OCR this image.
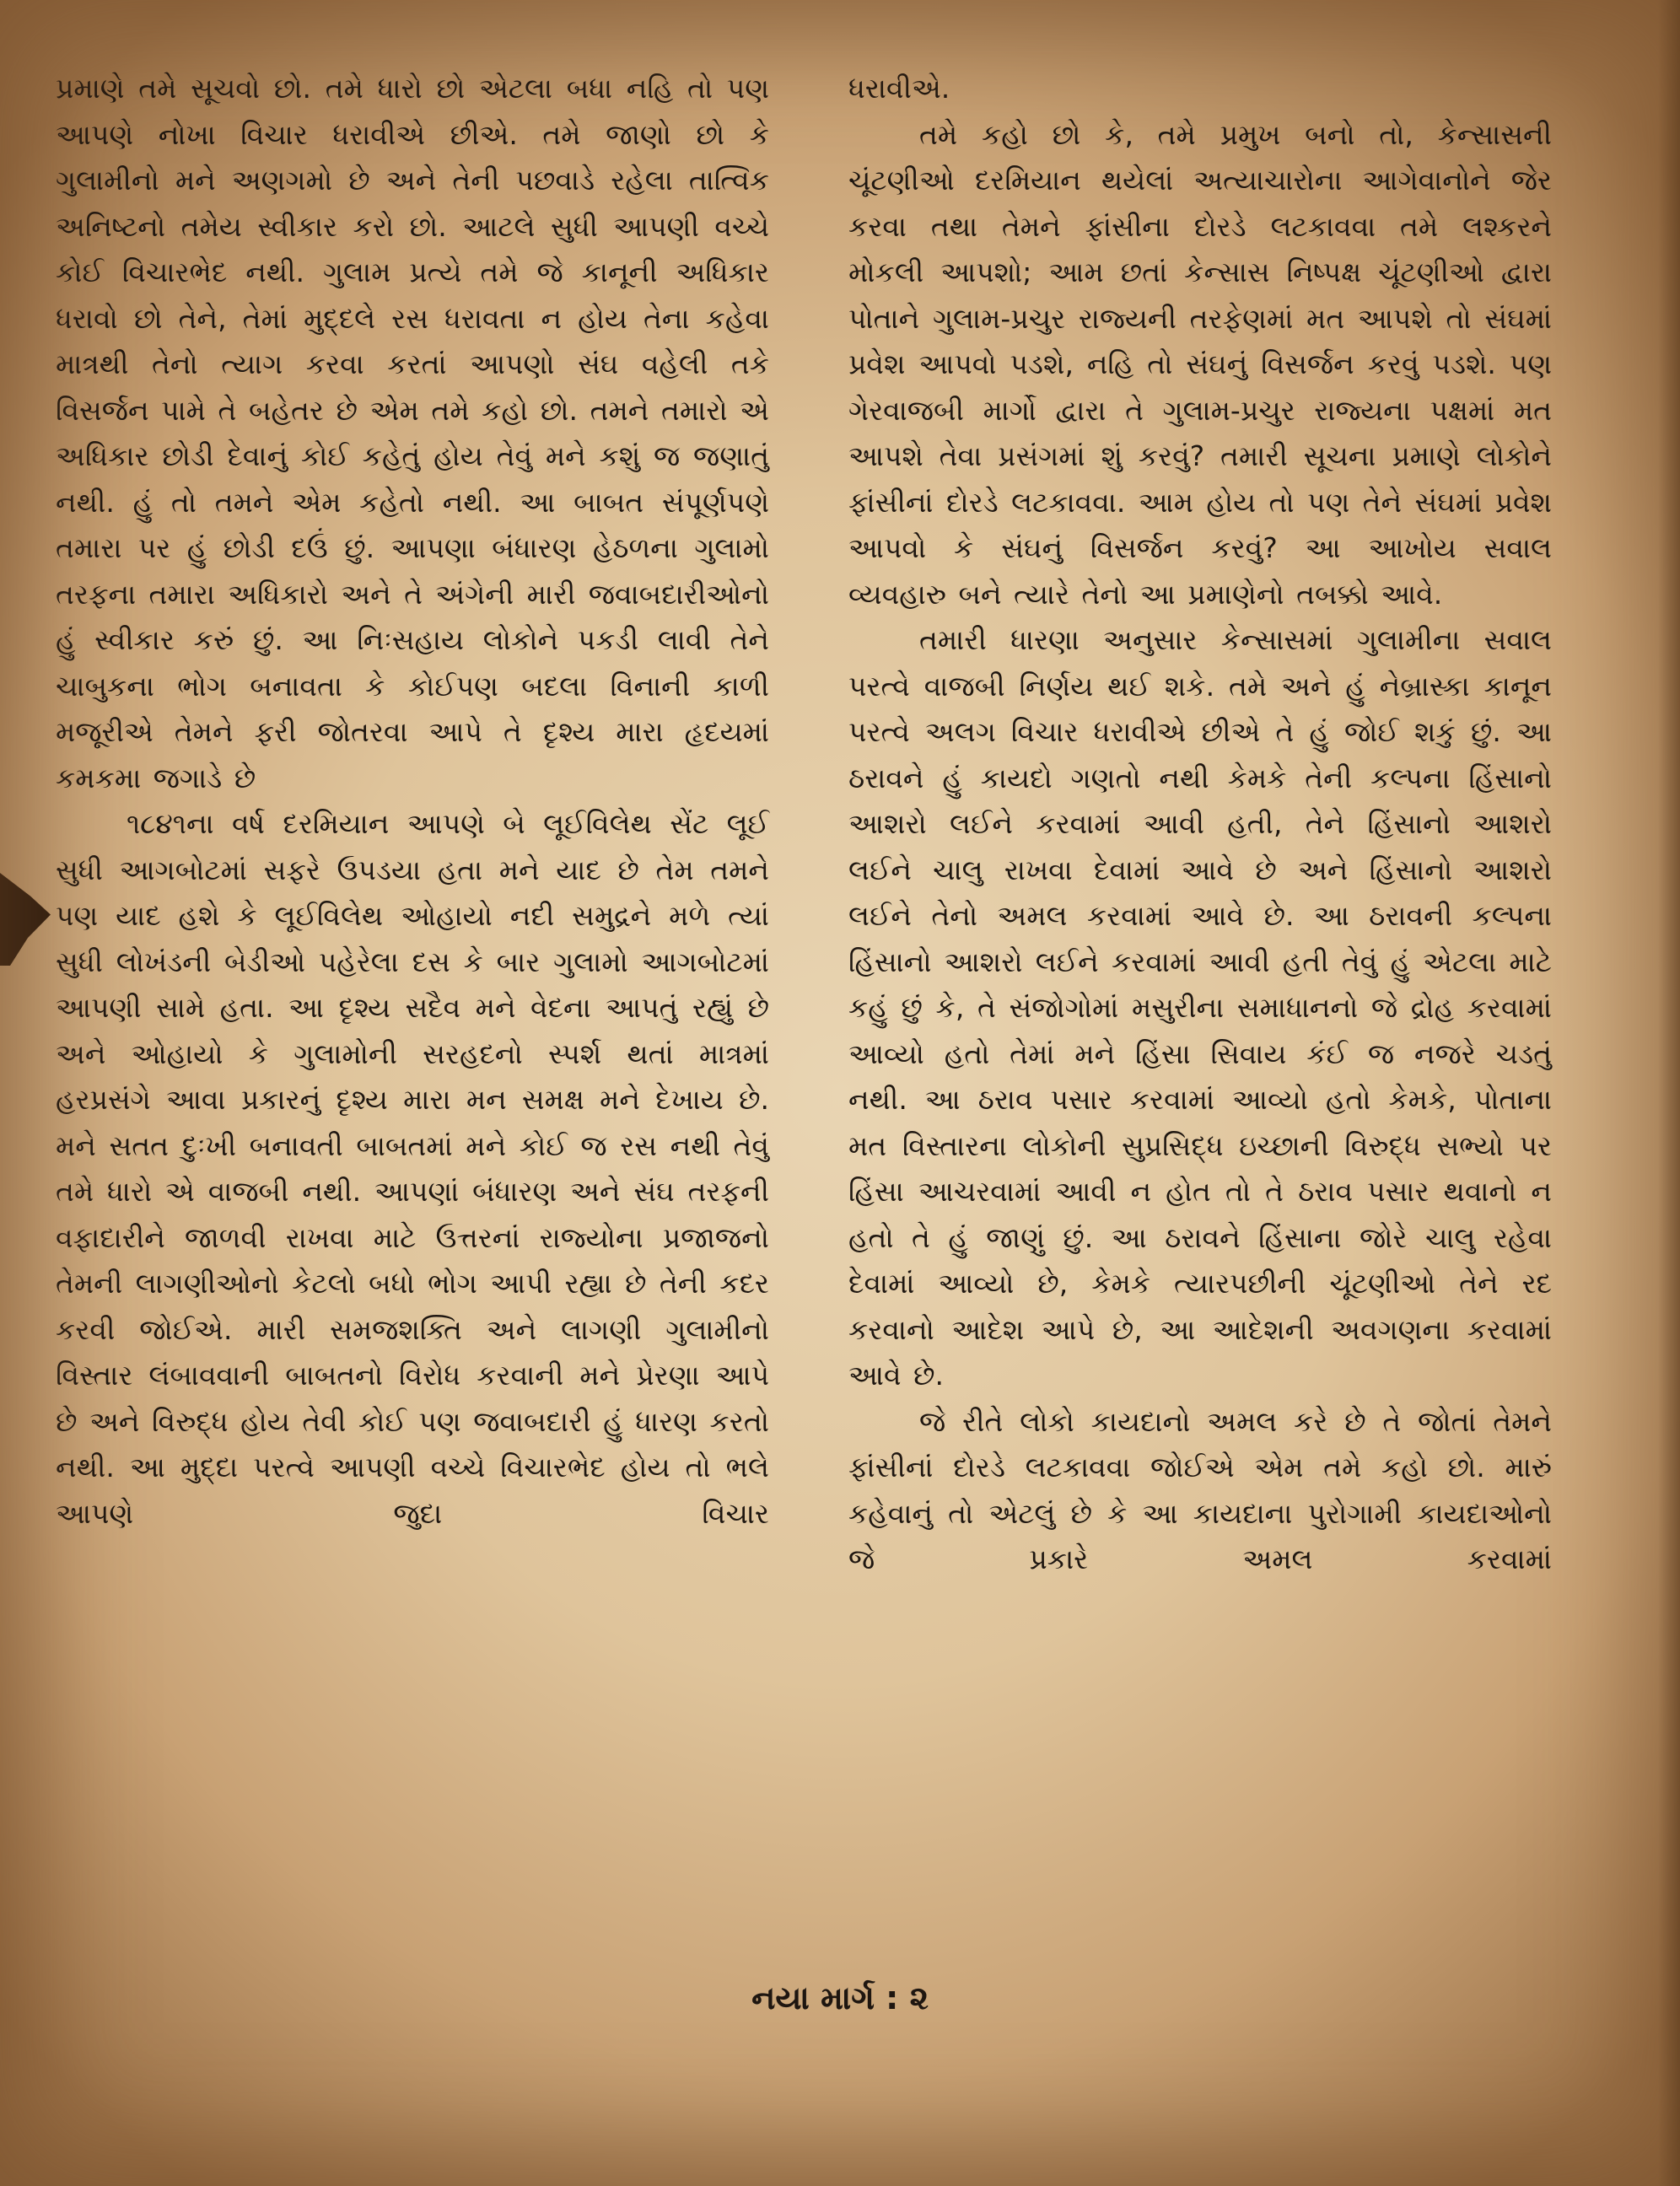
પ્રમાણે તમે સૂચવો છો. તમે ધારો છો એટલા બધા નહિ તો પણ આપણે નોખા વિચાર ધરાવીએ છીએ. તમે જાણો છો કે ગુલામીનો મને અણગમો છે અને તેની પછવાડે રહેલા તાત્વિક અનિષ્ટનો તમેય સ્વીકાર કરો છો. આટલે સુધી આપણી વચ્ચે કોઈ વિચારભેદ નથી. ગુલામ પ્રત્યે તમે જે કાનૂની અધિકાર ધરાવો છો તેને, તેમાં મુદ્દલે રસ ધરાવતા ન હોય તેના કહેવા માત્રથી તેનો ત્યાગ કરવા કરતાં આપણો સંઘ વહેલી તકે વિસર્જન પામે તે બહેતર છે એમ તમે કહો છો. તમને તમારો એ અધિકાર છોડી દેવાનું કોઈ કહેતું હોય તેવું મને કશું જ જણાતું નથી. હું તો તમને એમ કહેતો નથી. આ બાબત સંપૂર્ણપણે તમારા પર હું છોડી દઉં છું. આપણા બંધારણ હેઠળના ગુલામો તરફના તમારા અધિકારો અને તે અંગેની મારી જવાબદારીઓનો હું સ્વીકાર કરું છું. આ નિઃસહાય લોકોને પકડી લાવી તેને ચાબુકના ભોગ બનાવતા કે કોઈપણ બદલા વિનાની કાળી મજૂરીએ તેમને ફરી જોતરવા આપે તે દૃશ્ય મારા હૃદયમાં કમકમા જગાડે છે

૧૮૪૧ના વર્ષ દરમિયાન આપણે બે લૂઈવિલેથ સેંટ લૂઈ સુધી આગબોટમાં સફરે ઉપડયા હતા મને યાદ છે તેમ તમને પણ યાદ હશે કે લૂઈવિલેથ ઓહાયો નદી સમુદ્રને મળે ત્યાં સુધી લોખંડની બેડીઓ પહેરેલા દસ કે બાર ગુલામો આગબોટમાં આપણી સામે હતા. આ દૃશ્ય સદૈવ મને વેદના આપતું રહ્યું છે અને ઓહાયો કે ગુલામોની સરહદનો સ્પર્શ થતાં માત્રમાં હરપ્રસંગે આવા પ્રકારનું દૃશ્ય મારા મન સમક્ષ મને દેખાય છે. મને સતત દુઃખી બનાવતી બાબતમાં મને કોઈ જ રસ નથી તેવું તમે ધારો એ વાજબી નથી. આપણાં બંધારણ અને સંઘ તરફની વફાદારીને જાળવી રાખવા માટે ઉત્તરનાં રાજ્યોના પ્રજાજનો તેમની લાગણીઓનો કેટલો બધો ભોગ આપી રહ્યા છે તેની કદર કરવી જોઈએ. મારી સમજશક્તિ અને લાગણી ગુલામીનો વિસ્તાર લંબાવવાની બાબતનો વિરોધ કરવાની મને પ્રેરણા આપે છે અને વિરુદ્ધ હોય તેવી કોઈ પણ જવાબદારી હું ધારણ કરતો નથી. આ મુદ્દા પરત્વે આપણી વચ્ચે વિચારભેદ હોય તો ભલે આપણે જુદા વિચાર

ધરાવીએ.

તમે કહો છો કે, તમે પ્રમુખ બનો તો, કેન્સાસની ચૂંટણીઓ દરમિયાન થયેલાં અત્યાચારોના આગેવાનોને જેર કરવા તથા તેમને ફાંસીના દોરડે લટકાવવા તમે લશ્કરને મોકલી આપશો; આમ છતાં કેન્સાસ નિષ્પક્ષ ચૂંટણીઓ દ્વારા પોતાને ગુલામ-પ્રચુર રાજ્યની તરફેણમાં મત આપશે તો સંઘમાં પ્રવેશ આપવો પડશે, નહિ તો સંઘનું વિસર્જન કરવું પડશે. પણ ગેરવાજબી માર્ગો દ્વારા તે ગુલામ-પ્રચુર રાજ્યના પક્ષમાં મત આપશે તેવા પ્રસંગમાં શું કરવું? તમારી સૂચના પ્રમાણે લોકોને ફાંસીનાં દોરડે લટકાવવા. આમ હોય તો પણ તેને સંઘમાં પ્રવેશ આપવો કે સંઘનું વિસર્જન કરવું? આ આખોય સવાલ વ્યવહારુ બને ત્યારે તેનો આ પ્રમાણેનો તબક્કો આવે.

તમારી ધારણા અનુસાર કેન્સાસમાં ગુલામીના સવાલ પરત્વે વાજબી નિર્ણય થઈ શકે. તમે અને હું નેબ્રાસ્કા કાનૂન પરત્વે અલગ વિચાર ધરાવીએ છીએ તે હું જોઈ શકું છું. આ ઠરાવને હું કાયદો ગણતો નથી કેમકે તેની કલ્પના હિંસાનો આશરો લઈને કરવામાં આવી હતી, તેને હિંસાનો આશરો લઈને ચાલુ રાખવા દેવામાં આવે છે અને હિંસાનો આશરો લઈને તેનો અમલ કરવામાં આવે છે. આ ઠરાવની કલ્પના હિંસાનો આશરો લઈને કરવામાં આવી હતી તેવું હું એટલા માટે કહું છું કે, તે સંજોગોમાં મસુરીના સમાધાનનો જે દ્રોહ કરવામાં આવ્યો હતો તેમાં મને હિંસા સિવાય કંઈ જ નજરે ચડતું નથી. આ ઠરાવ પસાર કરવામાં આવ્યો હતો કેમકે, પોતાના મત વિસ્તારના લોકોની સુપ્રસિદ્ધ ઇચ્છાની વિરુદ્ધ સભ્યો પર હિંસા આચરવામાં આવી ન હોત તો તે ઠરાવ પસાર થવાનો ન હતો તે હું જાણું છું. આ ઠરાવને હિંસાના જોરે ચાલુ રહેવા દેવામાં આવ્યો છે, કેમકે ત્યારપછીની ચૂંટણીઓ તેને રદ કરવાનો આદેશ આપે છે, આ આદેશની અવગણના કરવામાં આવે છે.

જે રીતે લોકો કાયદાનો અમલ કરે છે તે જોતાં તેમને ફાંસીનાં દોરડે લટકાવવા જોઈએ એમ તમે કહો છો. મારું કહેવાનું તો એટલું છે કે આ કાયદાના પુરોગામી કાયદાઓનો જે પ્રકારે અમલ કરવામાં

નયા માર્ગ : ૨
